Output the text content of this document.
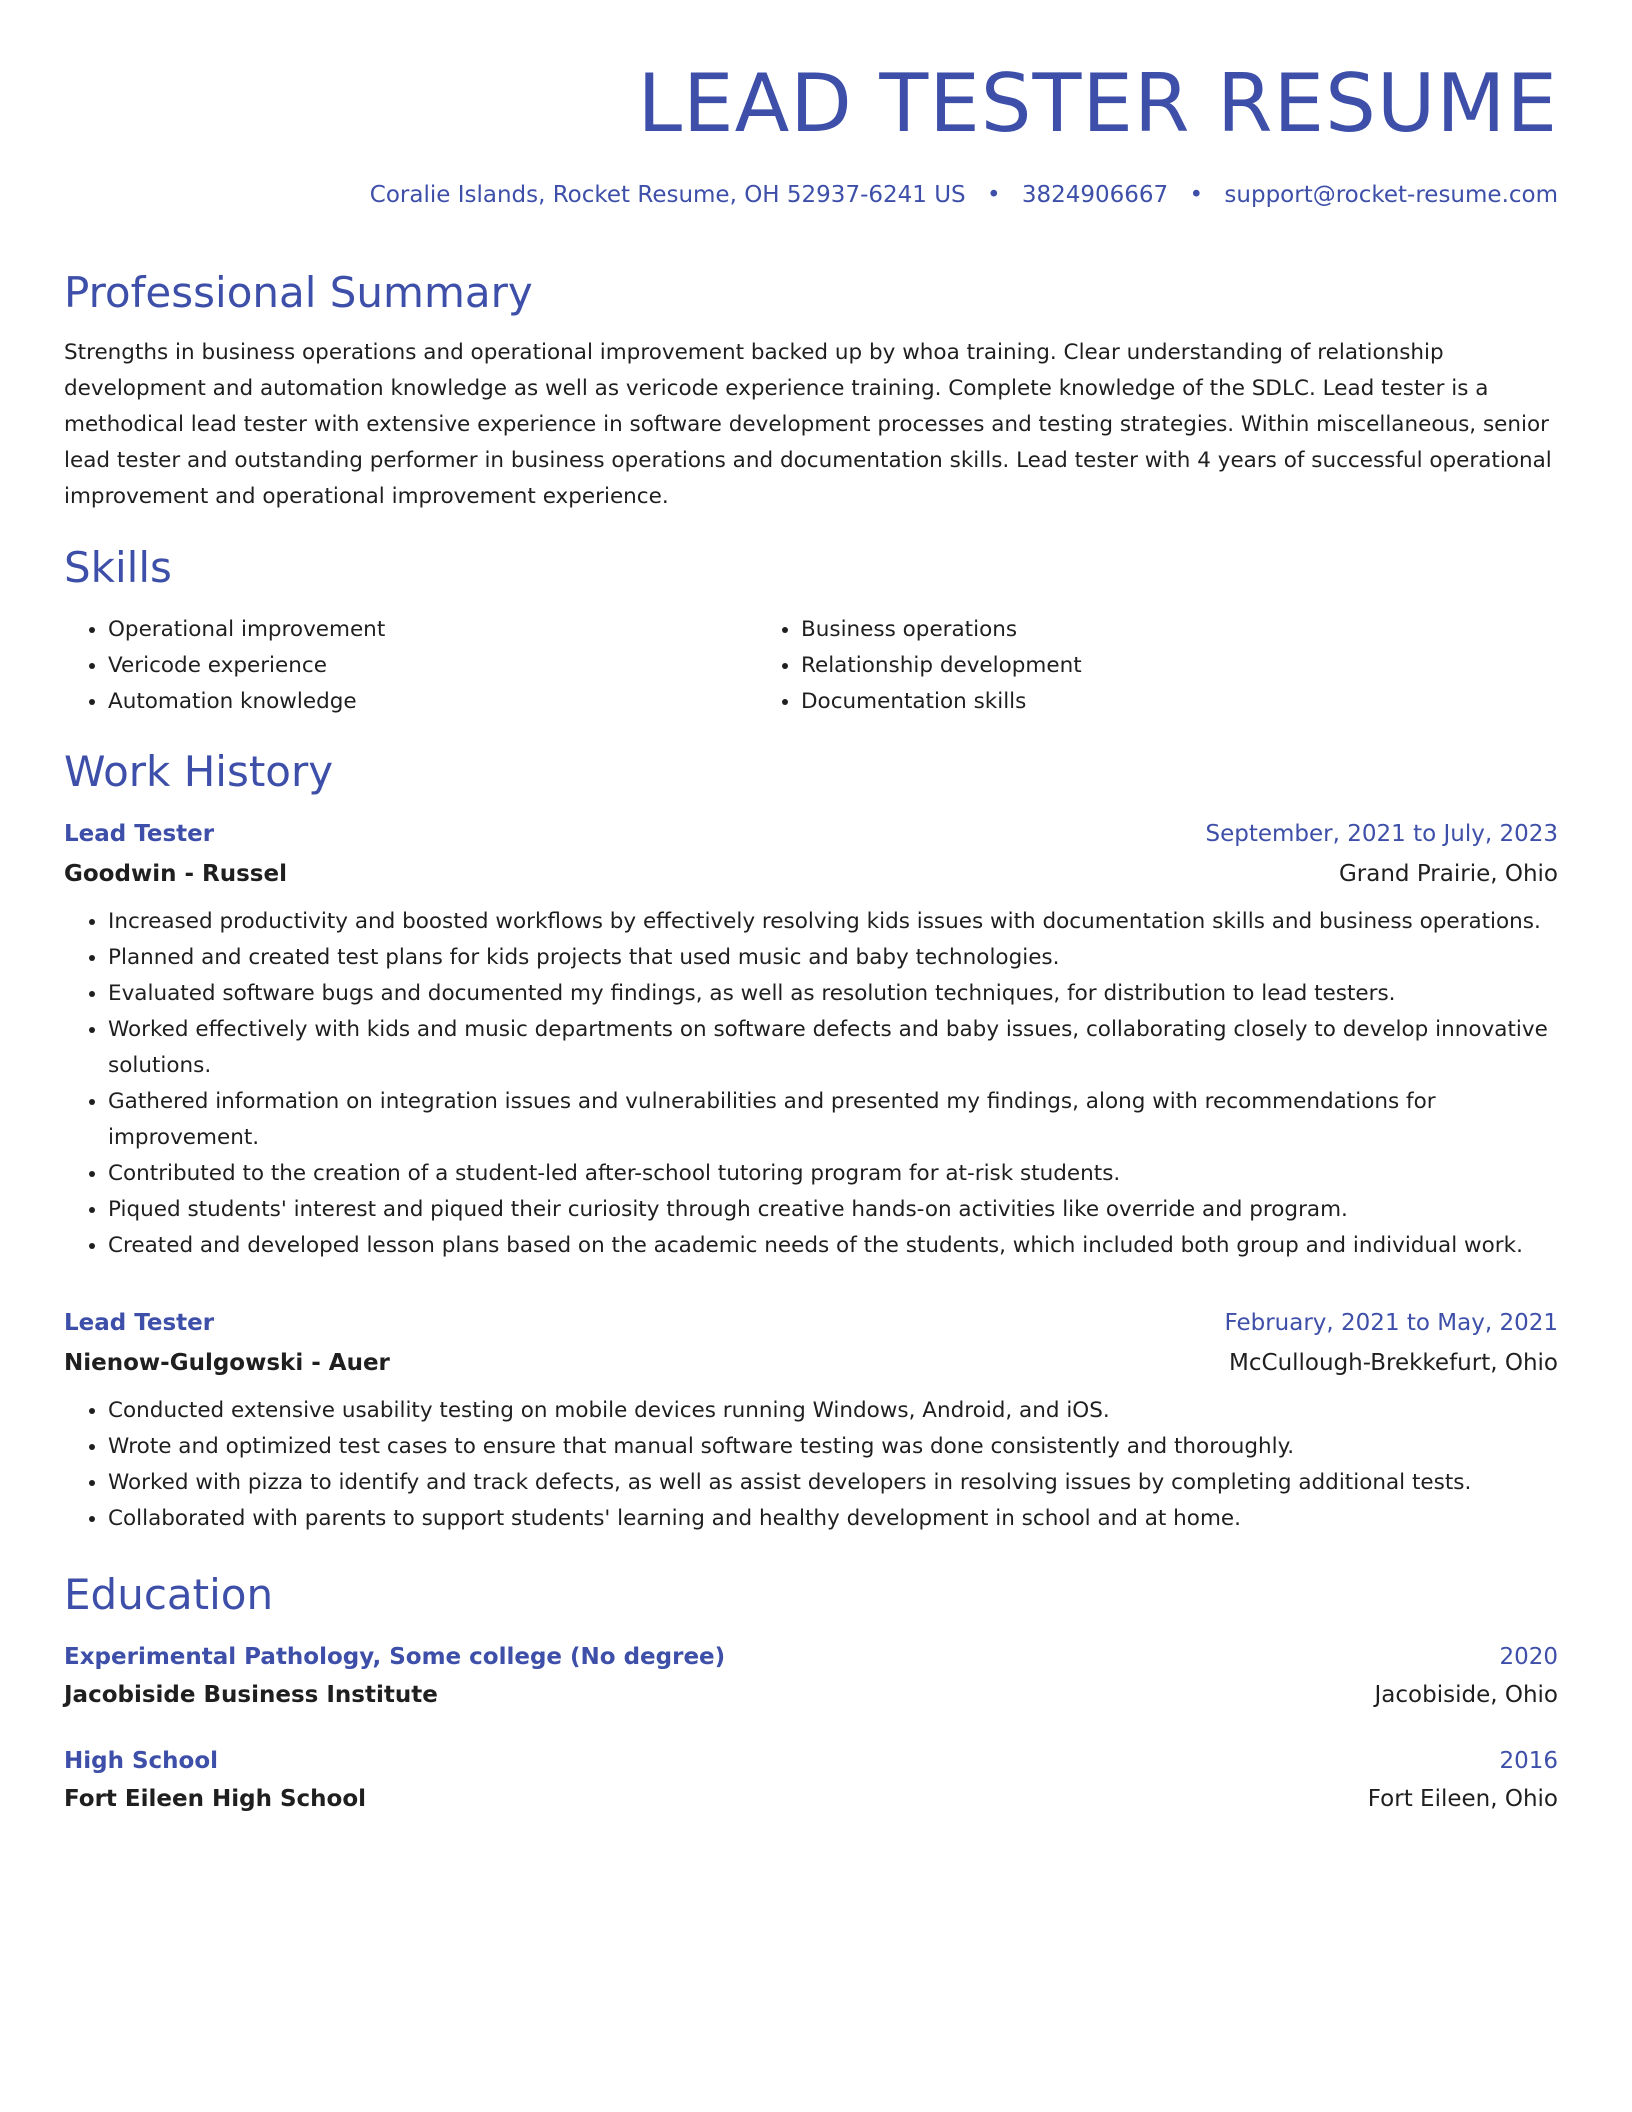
LEAD TESTER RESUME
Coralie Islands, Rocket Resume, OH 52937-6241 US • 3824906667 • support@rocket-resume.com
Professional Summary

Strengths in business operations and operational improvement backed up by whoa training. Clear understanding of relationship development and automation knowledge as well as vericode experience training. Complete knowledge of the SDLC. Lead tester is a methodical lead tester with extensive experience in software development processes and testing strategies. Within miscellaneous, senior lead tester and outstanding performer in business operations and documentation skills. Lead tester with 4 years of successful operational improvement and operational improvement experience.

Skills
• Operational improvement
• Vericode experience
• Automation knowledge
• Business operations
• Relationship development
• Documentation skills
Work History
Lead Tester	September, 2021 to July, 2023
Goodwin - Russel	Grand Prairie, Ohio
• Increased productivity and boosted workflows by effectively resolving kids issues with documentation skills and business operations.
• Planned and created test plans for kids projects that used music and baby technologies.
• Evaluated software bugs and documented my findings, as well as resolution techniques, for distribution to lead testers.
• Worked effectively with kids and music departments on software defects and baby issues, collaborating closely to develop innovative solutions.
• Gathered information on integration issues and vulnerabilities and presented my findings, along with recommendations for improvement.
• Contributed to the creation of a student-led after-school tutoring program for at-risk students.
• Piqued students' interest and piqued their curiosity through creative hands-on activities like override and program.
• Created and developed lesson plans based on the academic needs of the students, which included both group and individual work.
Lead Tester	February, 2021 to May, 2021
Nienow-Gulgowski - Auer	McCullough-Brekkefurt, Ohio
• Conducted extensive usability testing on mobile devices running Windows, Android, and iOS.
• Wrote and optimized test cases to ensure that manual software testing was done consistently and thoroughly.
• Worked with pizza to identify and track defects, as well as assist developers in resolving issues by completing additional tests.
• Collaborated with parents to support students' learning and healthy development in school and at home.
Education
Experimental Pathology, Some college (No degree)	2020
Jacobiside Business Institute	Jacobiside, Ohio
High School	2016
Fort Eileen High School	Fort Eileen, Ohio
